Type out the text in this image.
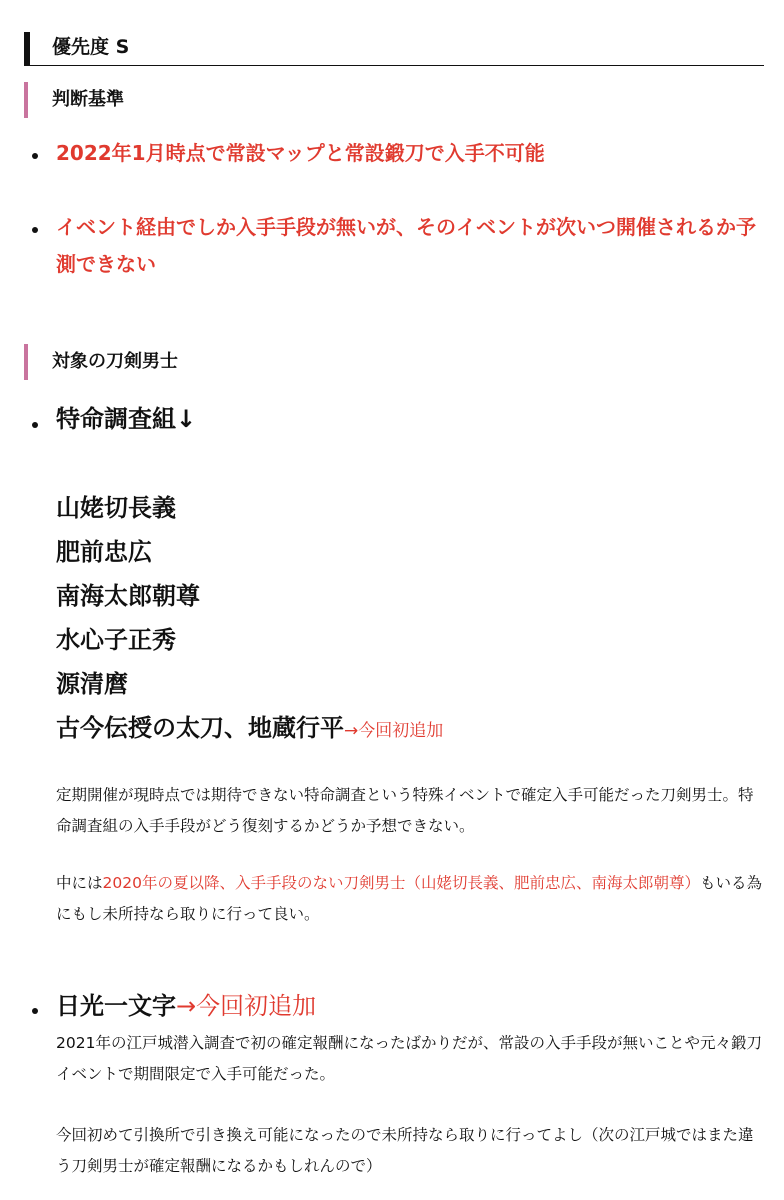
優先度 S
判断基準
2022年1月時点で常設マップと常設鍛刀で入手不可能
イベント経由でしか入手手段が無いが、そのイベントが次いつ開催されるか予測できない
対象の刀剣男士
特命調査組↓
山姥切長義
肥前忠広
南海太郎朝尊
水心子正秀
源清麿
古今伝授の太刀、地蔵行平→今回初追加
定期開催が現時点では期待できない特命調査という特殊イベントで確定入手可能だった刀剣男士。特命調査組の入手手段がどう復刻するかどうか予想できない。
中には2020年の夏以降、入手手段のない刀剣男士（山姥切長義、肥前忠広、南海太郎朝尊）もいる為にもし未所持なら取りに行って良い。
日光一文字→今回初追加
2021年の江戸城潜入調査で初の確定報酬になったばかりだが、常設の入手手段が無いことや元々鍛刀イベントで期間限定で入手可能だった。
今回初めて引換所で引き換え可能になったので未所持なら取りに行ってよし（次の江戸城ではまた違う刀剣男士が確定報酬になるかもしれんので）
